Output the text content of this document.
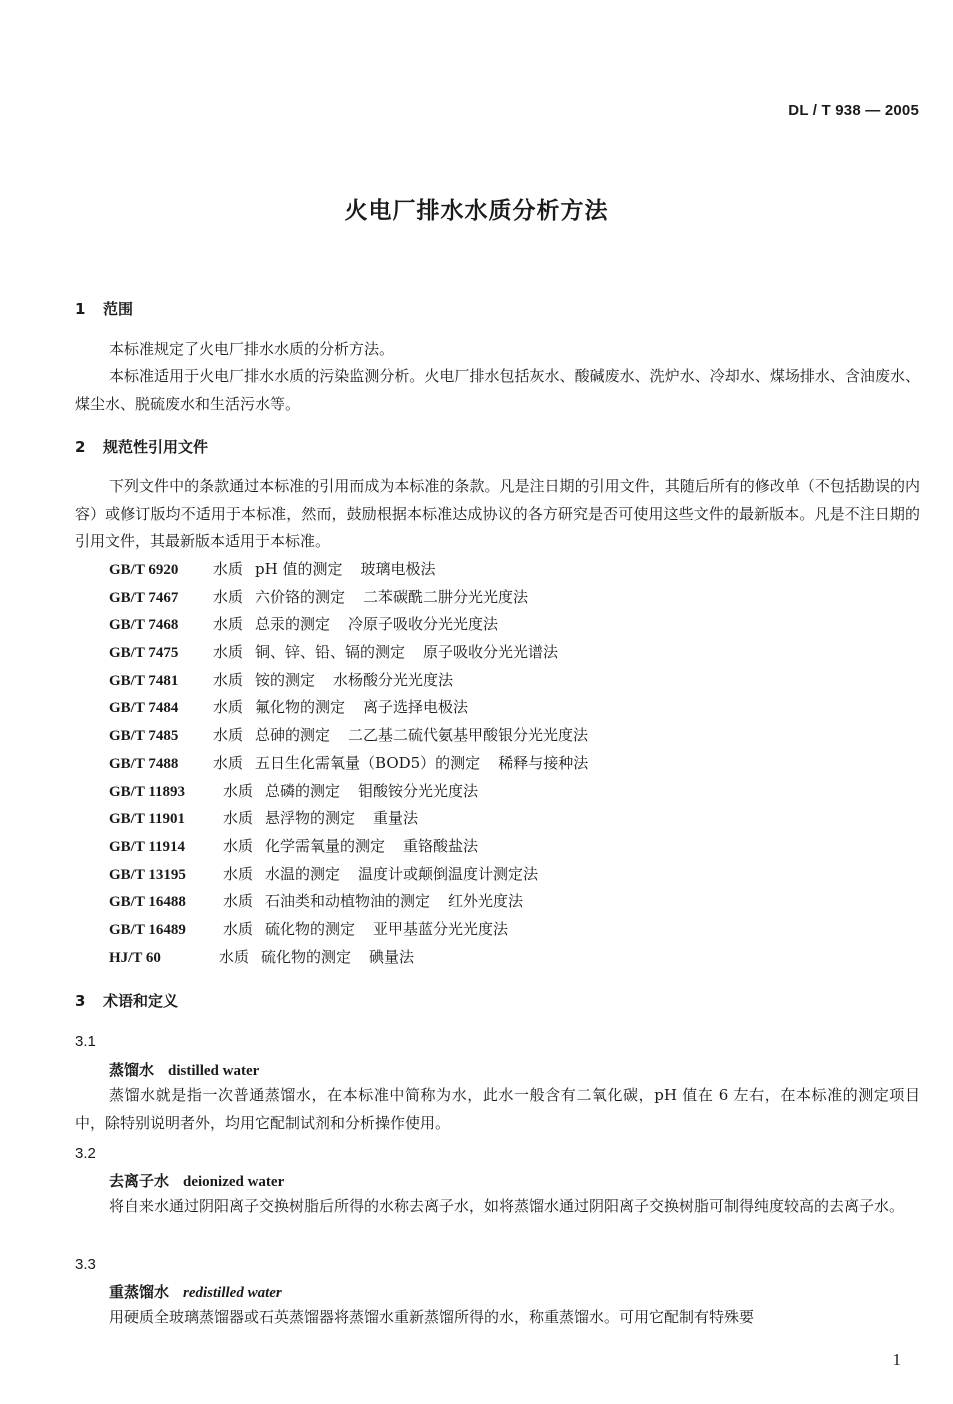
DL / T 938 — 2005
火电厂排水水质分析方法
1 范围
本标准规定了火电厂排水水质的分析方法。
本标准适用于火电厂排水水质的污染监测分析。火电厂排水包括灰水、酸碱废水、洗炉水、冷却水、煤场排水、含油废水、煤尘水、脱硫废水和生活污水等。
2 规范性引用文件
下列文件中的条款通过本标准的引用而成为本标准的条款。凡是注日期的引用文件，其随后所有的修改单（不包括勘误的内容）或修订版均不适用于本标准，然而，鼓励根据本标准达成协议的各方研究是否可使用这些文件的最新版本。凡是不注日期的引用文件，其最新版本适用于本标准。
GB/T 6920 水质 pH 值的测定 玻璃电极法
GB/T 7467 水质 六价铬的测定 二苯碳酰二肼分光光度法
GB/T 7468 水质 总汞的测定 冷原子吸收分光光度法
GB/T 7475 水质 铜、锌、铅、镉的测定 原子吸收分光光谱法
GB/T 7481 水质 铵的测定 水杨酸分光光度法
GB/T 7484 水质 氟化物的测定 离子选择电极法
GB/T 7485 水质 总砷的测定 二乙基二硫代氨基甲酸银分光光度法
GB/T 7488 水质 五日生化需氧量（BOD5）的测定 稀释与接种法
GB/T 11893	水质 总磷的测定 钼酸铵分光光度法
GB/T 11901	水质 悬浮物的测定 重量法
GB/T 11914	水质 化学需氧量的测定 重铬酸盐法
GB/T 13195 水质 水温的测定 温度计或颠倒温度计测定法
GB/T 16488 水质 石油类和动植物油的测定 红外光度法
GB/T 16489 水质 硫化物的测定 亚甲基蓝分光光度法
HJ/T 60	水质 硫化物的测定 碘量法
3 术语和定义
3.1
蒸馏水 distilled water
蒸馏水就是指一次普通蒸馏水，在本标准中简称为水，此水一般含有二氧化碳，pH 值在 6 左右，在本标准的测定项目中，除特别说明者外，均用它配制试剂和分析操作使用。
3.2
去离子水 deionized water
将自来水通过阴阳离子交换树脂后所得的水称去离子水，如将蒸馏水通过阴阳离子交换树脂可制得纯度较高的去离子水。
3.3
重蒸馏水 redistilled water
用硬质全玻璃蒸馏器或石英蒸馏器将蒸馏水重新蒸馏所得的水，称重蒸馏水。可用它配制有特殊要
1
